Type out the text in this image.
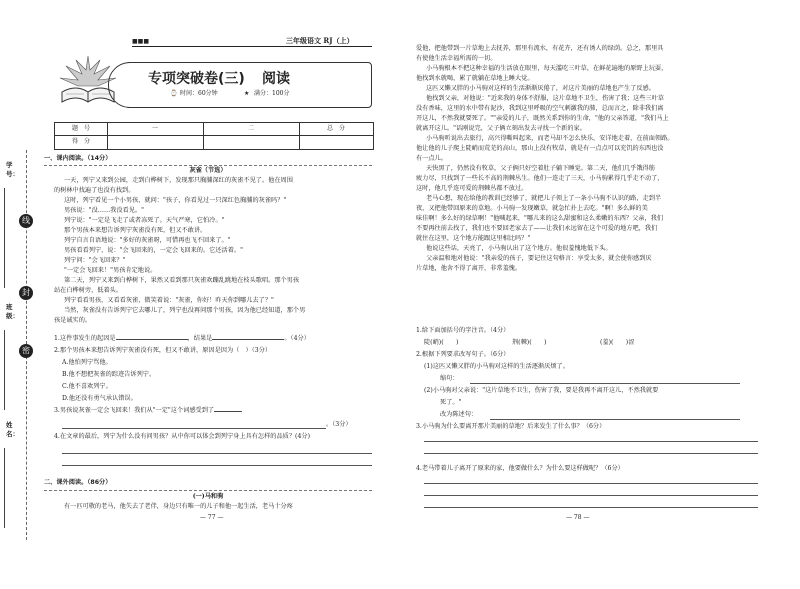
■■■	三年级语文 RJ（上）
专项突破卷(三) 阅读
⌚ 时间：60分钟	★ 满分：100分
题　号	一	二	总　分
得　分
一、课内阅读。（14分）
灰雀（节选）
一天，列宁又来到公园，走到白桦树下，发现那只胸脯深红的灰雀不见了。他在周围
的树林中找遍了也没有找到。
这时，列宁看见一个小男孩，就问："孩子，你看见过一只深红色胸脯的灰雀吗？"
男孩说："没……我没看见。"
列宁说："一定是飞走了或者冻死了。天气严寒，它怕冷。"
那个男孩本来想告诉列宁灰雀没有死，但又不敢讲。
列宁自言自语地说："多好的灰雀呀，可惜再也飞不回来了。"
男孩看看列宁，说："会飞回来的，一定会飞回来的。它还活着。"
列宁问："会飞回来？"
"一定会飞回来！"男孩肯定地说。
第二天，列宁又来到白桦树下，果然又看到那只灰雀欢蹦乱跳地在枝头歌唱。那个男孩
站在白桦树旁，低着头。
列宁看看男孩，又看看灰雀，微笑着说："灰雀，你好！昨天你到哪儿去了？"
当然，灰雀没有告诉列宁它去哪儿了，列宁也没再问那个男孩，因为他已经知道，那个男
孩是诚实的。
1.这件事发生的起因是	，结果是	。（4分）
2.那个男孩本来想告诉列宁灰雀没有死，但又不敢讲，原因是因为（　）（3分）
A.他怕列宁骂他。
B.他不想把灰雀的踪迹告诉列宁。
C.他不喜欢列宁。
D.他还没有勇气承认错误。
3.男孩说灰雀一定会飞回来！我们从"一定"这个词感受到了
。（3分）
4.在文章的最后，列宁为什么没有问男孩？从中你可以体会到列宁身上具有怎样的品质？(4分)
二、课外阅读。（86分）
(一)马和驹
有一匹可敬的老马，他失去了老伴，身边只有唯一的儿子和他一起生活，老马十分疼
— 77 —
学号：
班级：
姓名：
线
封
密
爱他，把他带到一片草地上去抚养，那里有流水，有花卉，还有诱人的绿荫。总之，那里具
有使他生活幸福所需的一切。
小马驹根本不把这种幸福的生活放在眼里，每天滥吃三叶草，在鲜花遍地的原野上玩耍，
他找到水就喝，累了就躺在草地上睡大觉。
这匹又懒又胖的小马驹对这样的生活渐渐厌倦了，对这片美丽的草地也产生了反感。
他找到父亲，对他说："近来我的身体不舒服，这片草地不卫生，伤害了我；这些三叶草
没有香味，这里的水中带有泥沙，我到这里呼吸的空气刺激我的肺，总而言之，除非我们离
开这儿，不然我就要死了。""亲爱的儿子，既然关系到你的生命，"他的父亲答道，"我们马上
就离开这儿。"话刚说完，父子俩立刻出发去寻找一个新的家。
小马驹听说出去旅行，高兴得嘶叫起来，而老马却不怎么快乐，安详地走着，在前面领路。
他让他的儿子爬上陡峭而荒芜的高山，那山上没有牧草，就是有一点点可以充饥的东西也没
有一点儿。
天快黑了，仍然没有牧草，父子俩只好空着肚子躺下睡觉。第二天，他们几乎饿得筋
疲力尽，只找到了一些长不高的荆棘丛生。他们一连走了三天，小马驹累得几乎走不动了，
这时，他几乎连可爱的荆棘丛都不放过。
老马心想，现在给他的教训已经够了，就把儿子领上了一条小马驹不认识的路，走到半
夜，又把他带回原来的草地。小马驹一发现嫩草，就急忙扑上去吃。"啊！多么鲜的美
味佳啊！多么好的绿草啊！"他喊起来，"哪儿来的这么甜蜜和这么柔嫩的东西？父亲，我们
不要再往前去找了，我们也不要回老家去了——让我们永远留在这个可爱的地方吧，我们
就住在这里，这个地方能跟这里相比吗？"
他说这些话，天亮了，小马驹认出了这个地方。他很羞愧地低下头。
父亲温和地对他说："我亲爱的孩子，要记住这句格言：享受太多，就会使你感到厌
片草地，他舍不得了离开，非常羞愧。
1.给下面加括号的字注音。（4分）
陡(峭)(　　)	荆(棘)(　　)	(羞)(　　)涩
2.根据下列要求改写句子。（6分）
(1)这匹又懒又胖的小马驹对这样的生活逐渐厌烦了。
缩句：
(2)小马驹对父亲说："这片草地不卫生，伤害了我，要是我再不离开这儿，不然我就要
死了。"
改为陈述句：
3.小马驹为什么要离开那片美丽的草地？后来发生了什么事？（6分）
4.老马带着儿子离开了原来的家，他要做什么？为什么要这样做呢？（6分）
— 78 —
